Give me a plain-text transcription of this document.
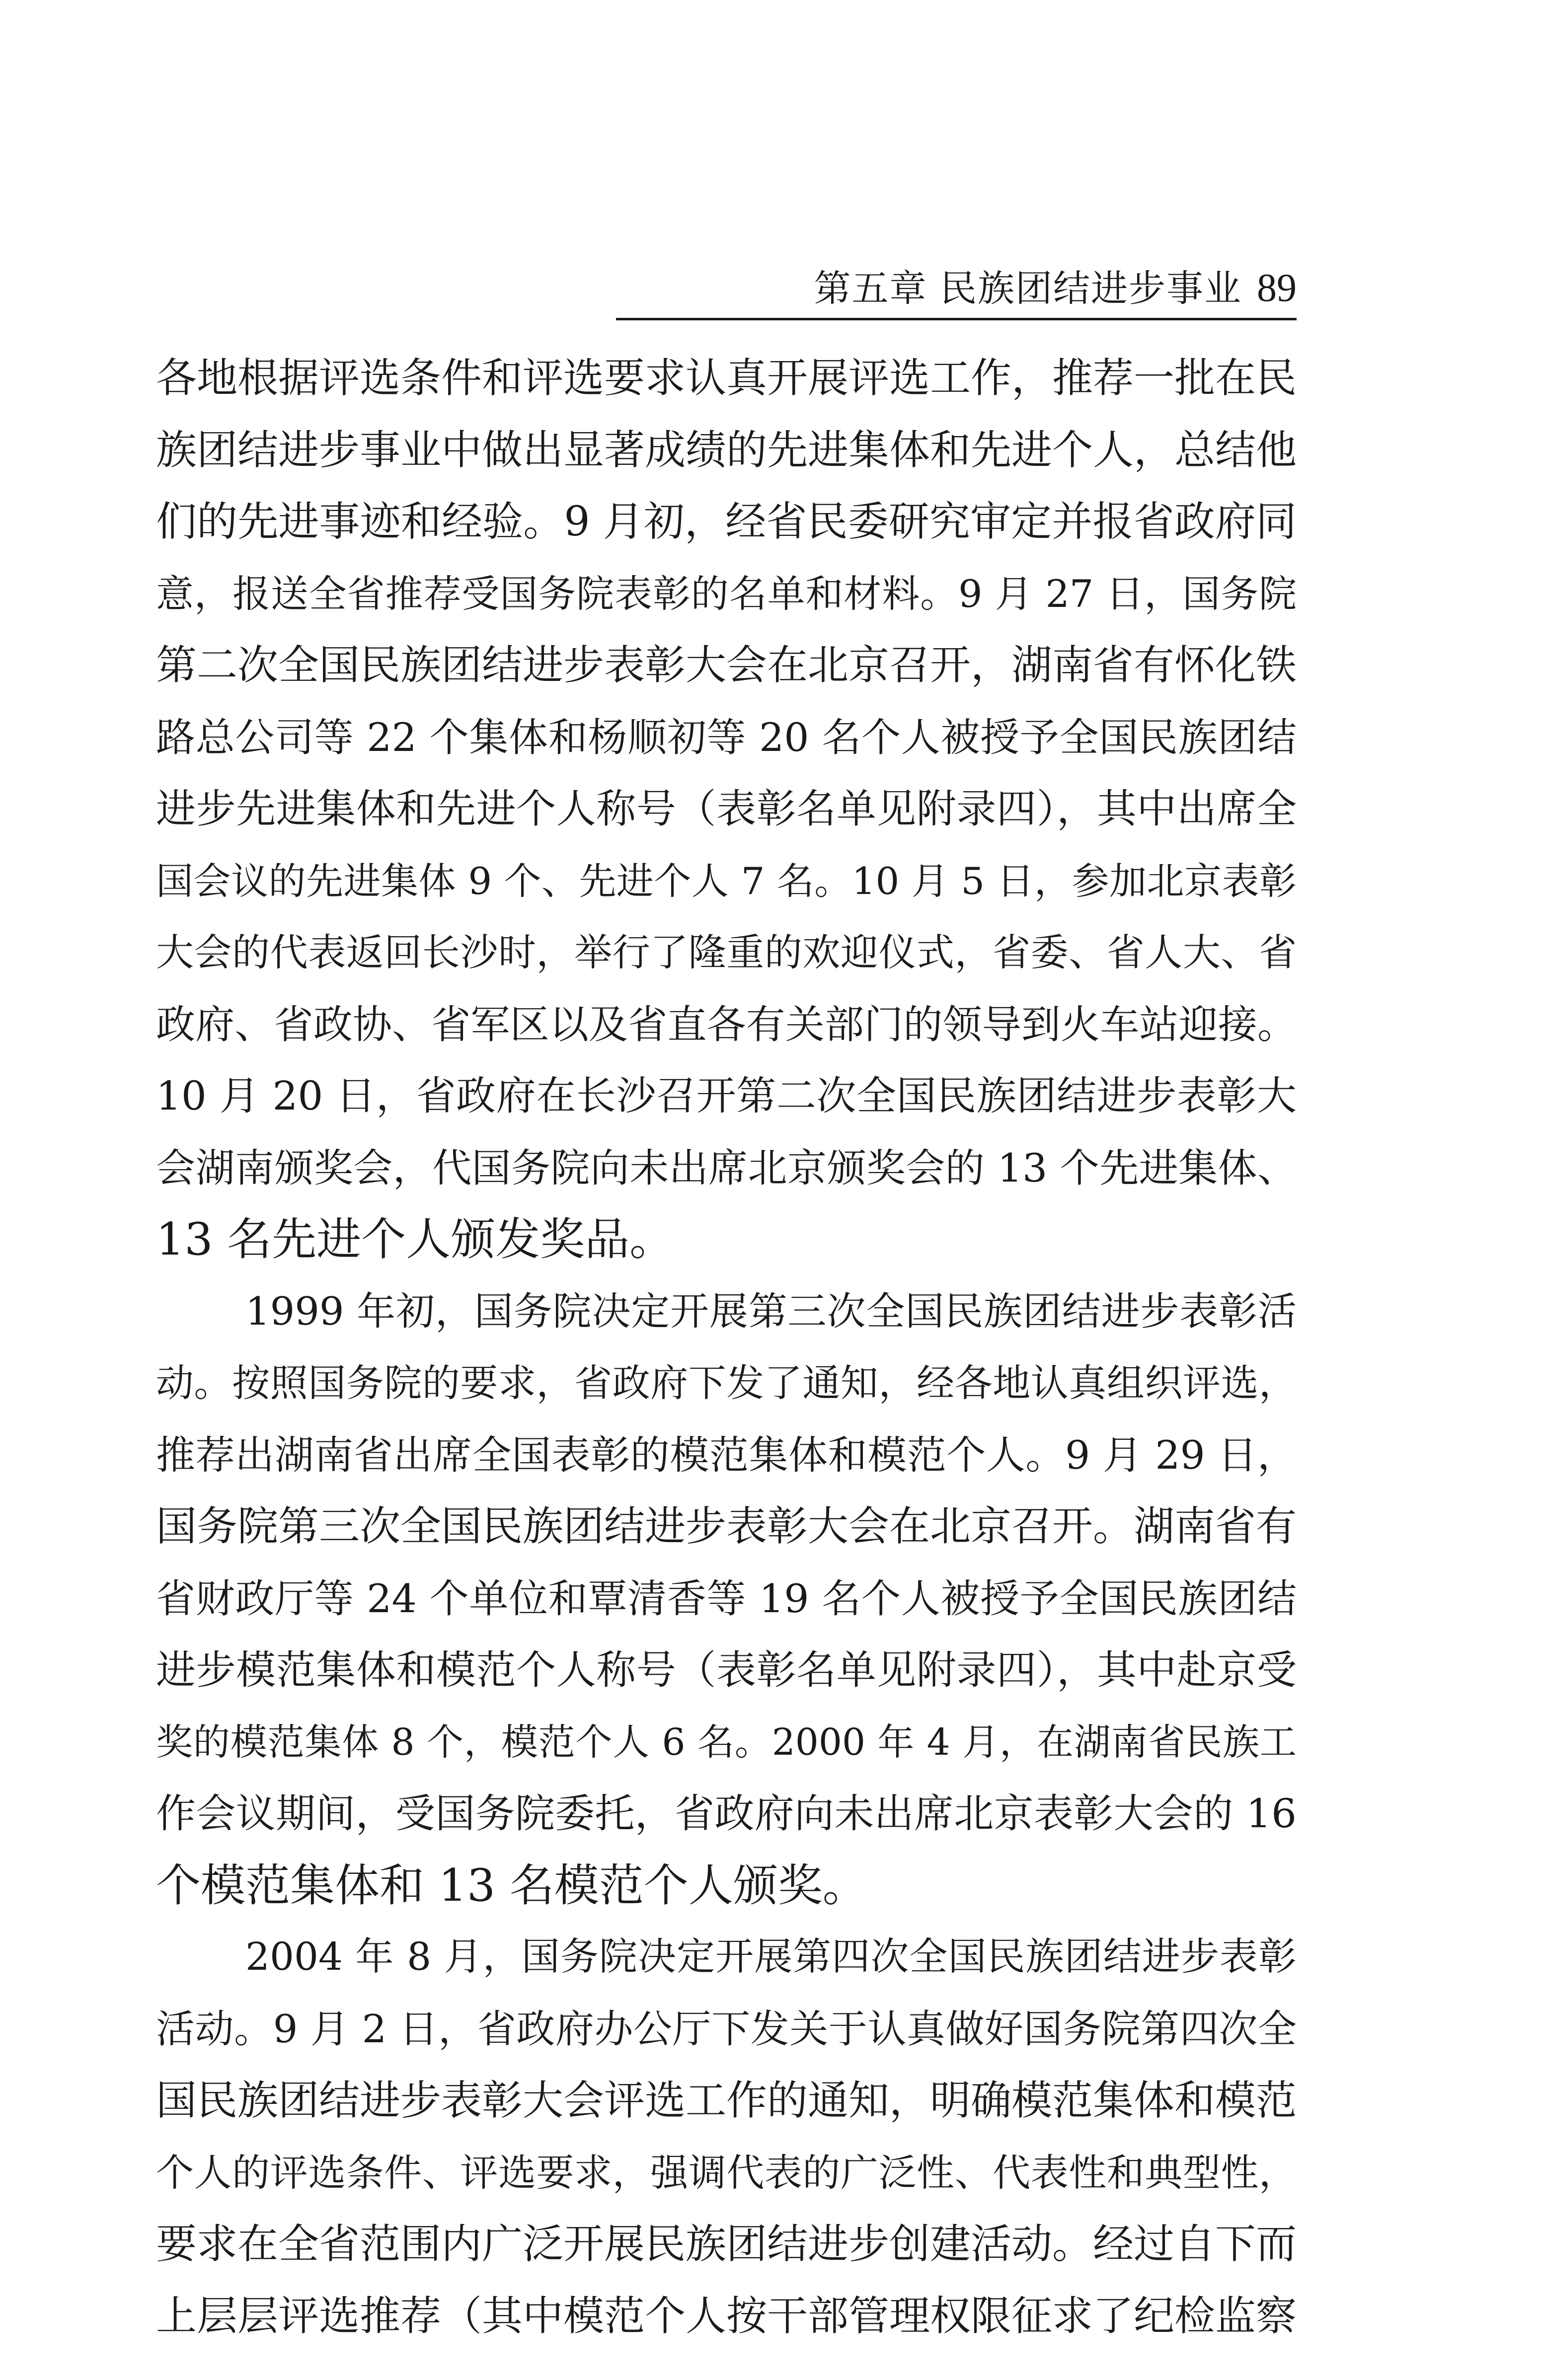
第五章 民族团结进步事业 89
各地根据评选条件和评选要求认真开展评选工作，推荐一批在民
族团结进步事业中做出显著成绩的先进集体和先进个人，总结他
们的先进事迹和经验。9 月初，经省民委研究审定并报省政府同
意，报送全省推荐受国务院表彰的名单和材料。9 月 27 日，国务院
第二次全国民族团结进步表彰大会在北京召开，湖南省有怀化铁
路总公司等 22 个集体和杨顺初等 20 名个人被授予全国民族团结
进步先进集体和先进个人称号（表彰名单见附录四），其中出席全
国会议的先进集体 9 个、先进个人 7 名。10 月 5 日，参加北京表彰
大会的代表返回长沙时，举行了隆重的欢迎仪式，省委、省人大、省
政府、省政协、省军区以及省直各有关部门的领导到火车站迎接。
10 月 20 日，省政府在长沙召开第二次全国民族团结进步表彰大
会湖南颁奖会，代国务院向未出席北京颁奖会的 13 个先进集体、
13 名先进个人颁发奖品。
1999 年初，国务院决定开展第三次全国民族团结进步表彰活
动。按照国务院的要求，省政府下发了通知，经各地认真组织评选，
推荐出湖南省出席全国表彰的模范集体和模范个人。9 月 29 日，
国务院第三次全国民族团结进步表彰大会在北京召开。湖南省有
省财政厅等 24 个单位和覃清香等 19 名个人被授予全国民族团结
进步模范集体和模范个人称号（表彰名单见附录四），其中赴京受
奖的模范集体 8 个，模范个人 6 名。2000 年 4 月，在湖南省民族工
作会议期间，受国务院委托，省政府向未出席北京表彰大会的 16
个模范集体和 13 名模范个人颁奖。
2004 年 8 月，国务院决定开展第四次全国民族团结进步表彰
活动。9 月 2 日，省政府办公厅下发关于认真做好国务院第四次全
国民族团结进步表彰大会评选工作的通知，明确模范集体和模范
个人的评选条件、评选要求，强调代表的广泛性、代表性和典型性，
要求在全省范围内广泛开展民族团结进步创建活动。经过自下而
上层层评选推荐（其中模范个人按干部管理权限征求了纪检监察
